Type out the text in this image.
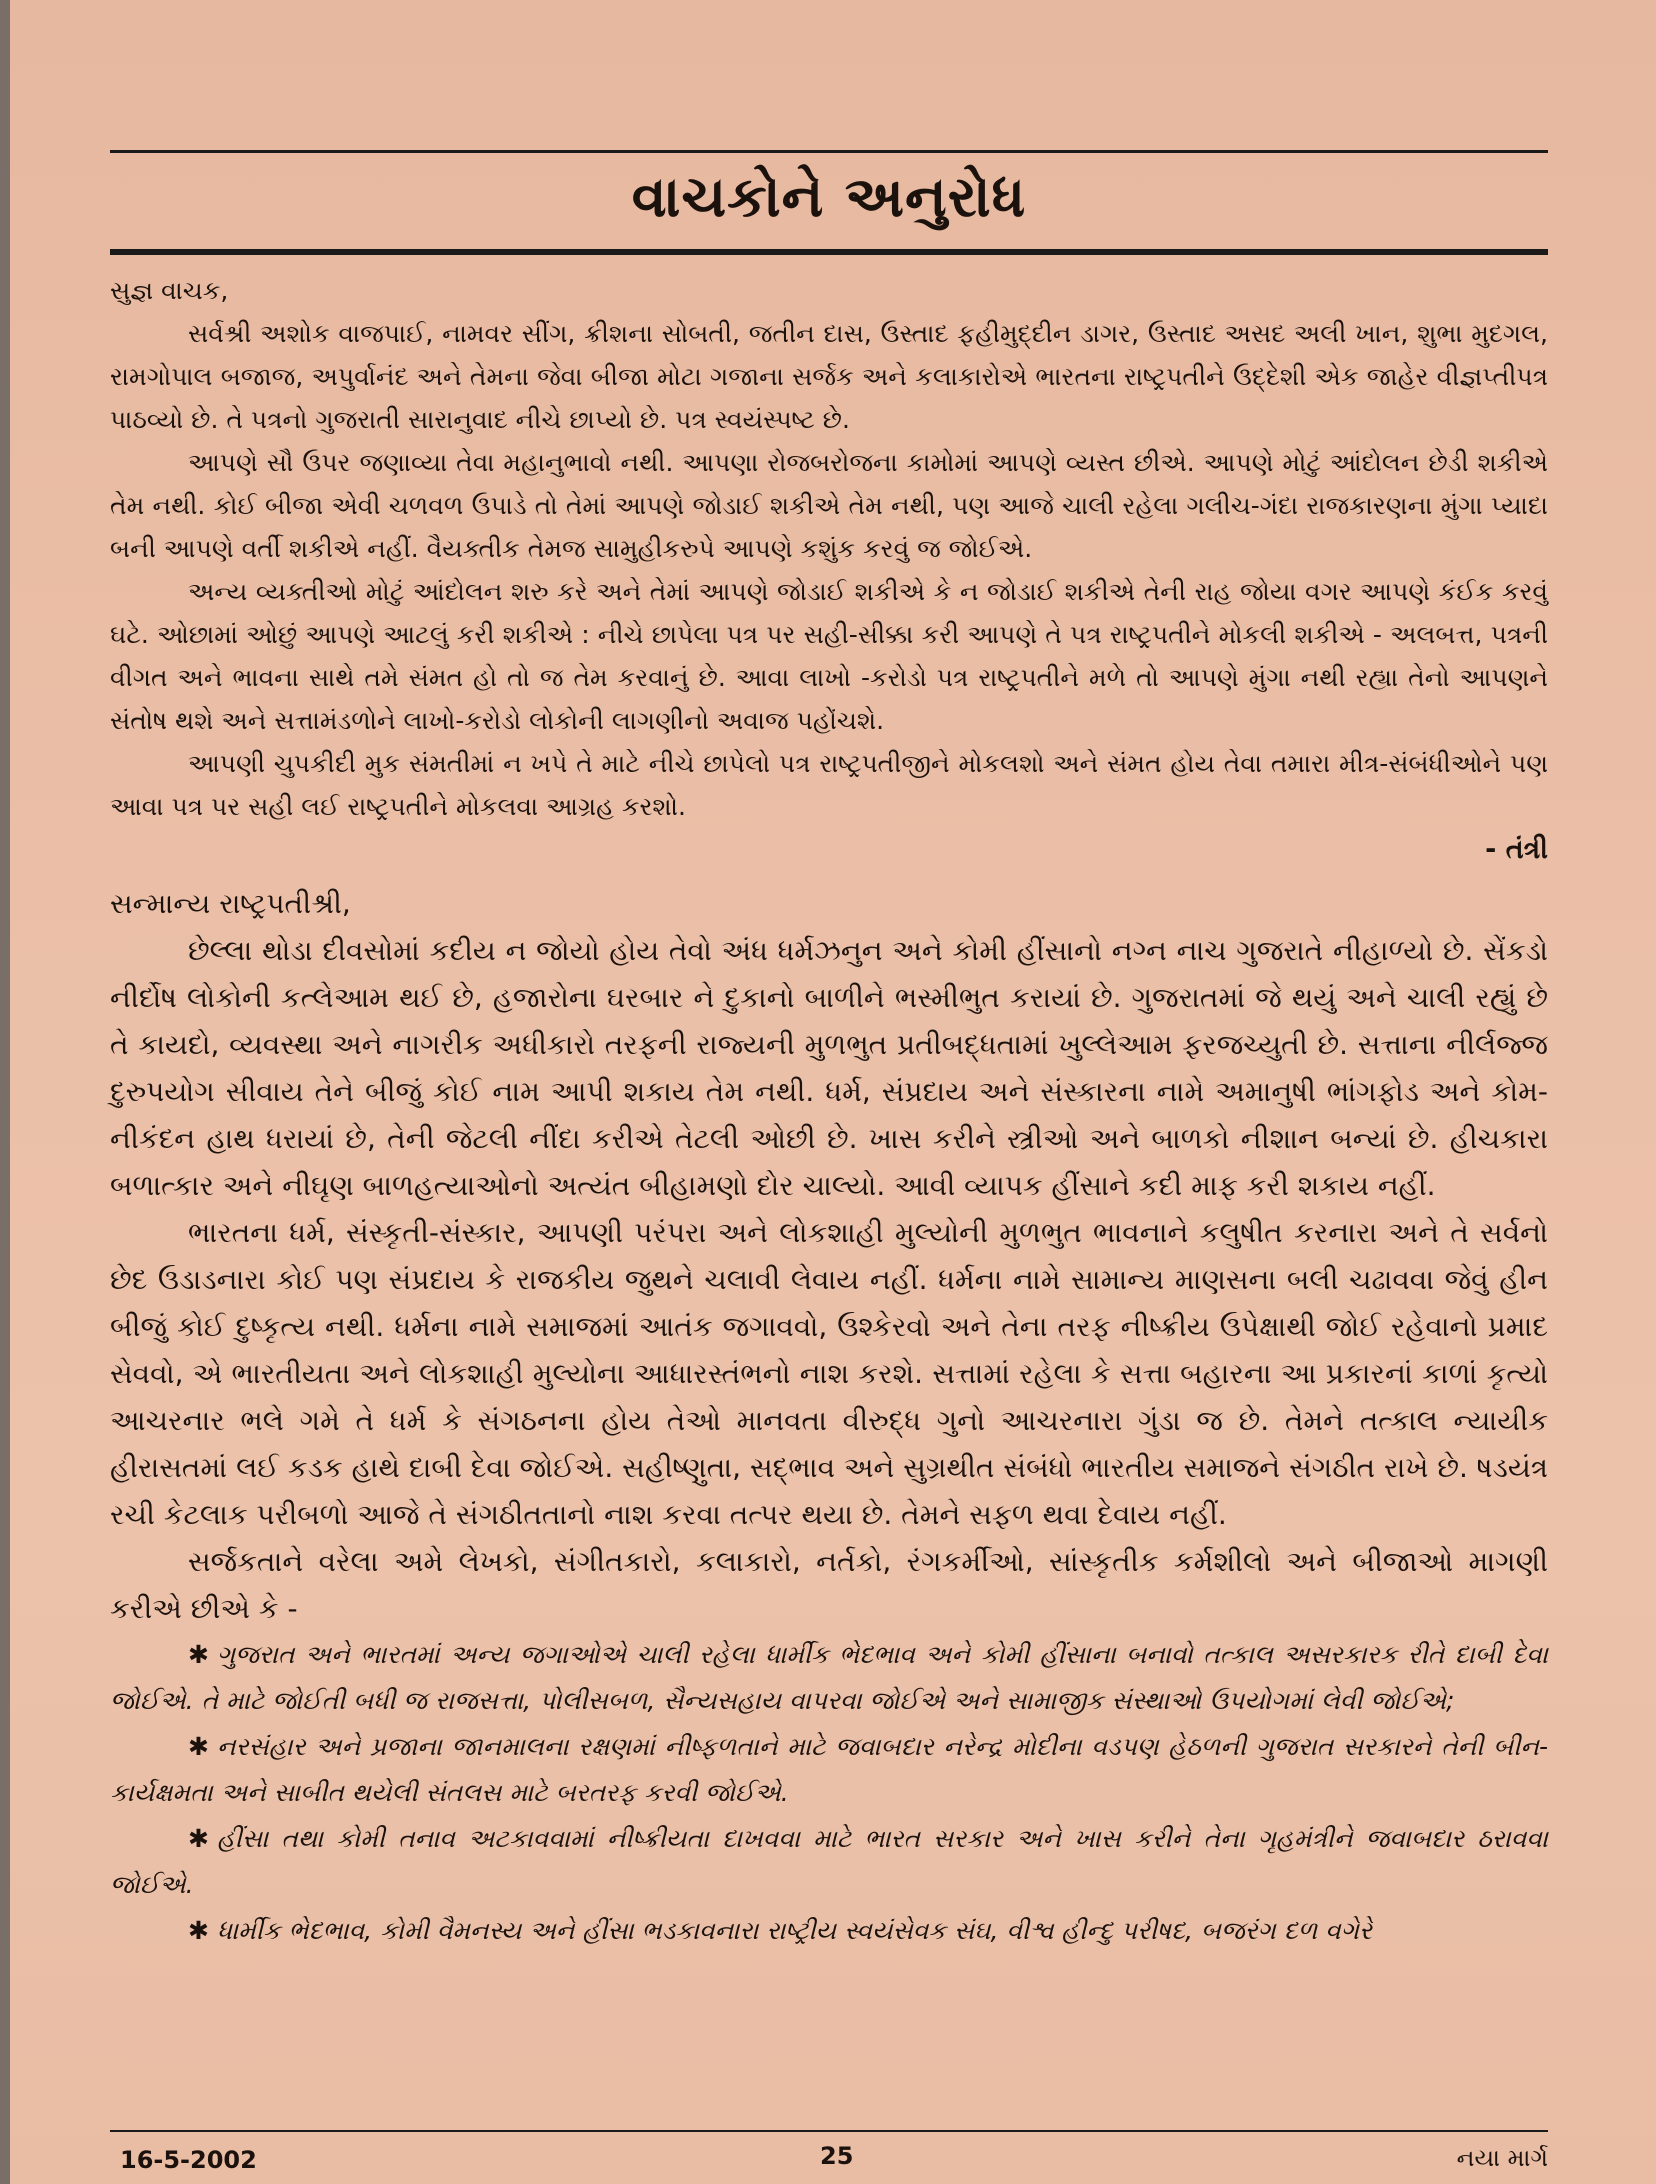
વાચકોને અનુરોધ

સુજ્ઞ વાચક,

સર્વશ્રી અશોક વાજપાઈ, નામવર સીંગ, ક્રીશના સોબતી, જતીન દાસ, ઉસ્તાદ ફહીમુદ્દીન ડાગર, ઉસ્તાદ અસદ અલી ખાન, શુભા મુદગલ, રામગોપાલ બજાજ, અપુર્વાનંદ અને તેમના જેવા બીજા મોટા ગજાના સર્જક અને કલાકારોએ ભારતના રાષ્ટ્રપતીને ઉદ્દેશી એક જાહેર વીજ્ઞપ્તીપત્ર પાઠવ્યો છે. તે પત્રનો ગુજરાતી સારાનુવાદ નીચે છાપ્યો છે. પત્ર સ્વયંસ્પષ્ટ છે.

આપણે સૌ ઉપર જણાવ્યા તેવા મહાનુભાવો નથી. આપણા રોજબરોજના કામોમાં આપણે વ્યસ્ત છીએ. આપણે મોટું આંદોલન છેડી શકીએ તેમ નથી. કોઈ બીજા એવી ચળવળ ઉપાડે તો તેમાં આપણે જોડાઈ શકીએ તેમ નથી, પણ આજે ચાલી રહેલા ગલીચ-ગંદા રાજકારણના મુંગા પ્યાદા બની આપણે વર્તી શકીએ નહીં. વૈયક્તીક તેમજ સામુહીકરુપે આપણે કશુંક કરવું જ જોઈએ.

અન્ય વ્યક્તીઓ મોટું આંદોલન શરુ કરે અને તેમાં આપણે જોડાઈ શકીએ કે ન જોડાઈ શકીએ તેની રાહ જોયા વગર આપણે કંઈક કરવું ઘટે. ઓછામાં ઓછું આપણે આટલું કરી શકીએ : નીચે છાપેલા પત્ર પર સહી-સીક્કા કરી આપણે તે પત્ર રાષ્ટ્રપતીને મોકલી શકીએ - અલબત્ત, પત્રની વીગત અને ભાવના સાથે તમે સંમત હો તો જ તેમ કરવાનું છે. આવા લાખો -કરોડો પત્ર રાષ્ટ્રપતીને મળે તો આપણે મુંગા નથી રહ્યા તેનો આપણને સંતોષ થશે અને સત્તામંડળોને લાખો-કરોડો લોકોની લાગણીનો અવાજ પહોંચશે.

આપણી ચુપકીદી મુક સંમતીમાં ન ખપે તે માટે નીચે છાપેલો પત્ર રાષ્ટ્રપતીજીને મોકલશો અને સંમત હોય તેવા તમારા મીત્ર-સંબંધીઓને પણ આવા પત્ર પર સહી લઈ રાષ્ટ્રપતીને મોકલવા આગ્રહ કરશો.

- તંત્રી

સન્માન્ય રાષ્ટ્રપતીશ્રી,

છેલ્લા થોડા દીવસોમાં કદીય ન જોયો હોય તેવો અંધ ધર્મઝનુન અને કોમી હીંસાનો નગ્ન નાચ ગુજરાતે નીહાળ્યો છે. સેંકડો નીર્દોષ લોકોની કત્લેઆમ થઈ છે, હજારોના ઘરબાર ને દુકાનો બાળીને ભસ્મીભુત કરાયાં છે. ગુજરાતમાં જે થયું અને ચાલી રહ્યું છે તે કાયદો, વ્યવસ્થા અને નાગરીક અધીકારો તરફની રાજ્યની મુળભુત પ્રતીબદ્ધતામાં ખુલ્લેઆમ ફરજચ્યુતી છે. સત્તાના નીર્લજ્જ દુરુપયોગ સીવાય તેને બીજું કોઈ નામ આપી શકાય તેમ નથી. ધર્મ, સંપ્રદાય અને સંસ્કારના નામે અમાનુષી ભાંગફોડ અને કોમ-નીકંદન હાથ ધરાયાં છે, તેની જેટલી નીંદા કરીએ તેટલી ઓછી છે. ખાસ કરીને સ્ત્રીઓ અને બાળકો નીશાન બન્યાં છે. હીચકારા બળાત્કાર અને નીઘૃણ બાળહત્યાઓનો અત્યંત બીહામણો દોર ચાલ્યો. આવી વ્યાપક હીંસાને કદી માફ કરી શકાય નહીં.

ભારતના ધર્મ, સંસ્કૃતી-સંસ્કાર, આપણી પરંપરા અને લોકશાહી મુલ્યોની મુળભુત ભાવનાને કલુષીત કરનારા અને તે સર્વનો છેદ ઉડાડનારા કોઈ પણ સંપ્રદાય કે રાજકીય જુથને ચલાવી લેવાય નહીં. ધર્મના નામે સામાન્ય માણસના બલી ચઢાવવા જેવું હીન બીજું કોઈ દુષ્કૃત્ય નથી. ધર્મના નામે સમાજમાં આતંક જગાવવો, ઉશ્કેરવો અને તેના તરફ નીષ્ક્રીય ઉપેક્ષાથી જોઈ રહેવાનો પ્રમાદ સેવવો, એ ભારતીયતા અને લોકશાહી મુલ્યોના આધારસ્તંભનો નાશ કરશે. સત્તામાં રહેલા કે સત્તા બહારના આ પ્રકારનાં કાળાં કૃત્યો આચરનાર ભલે ગમે તે ધર્મ કે સંગઠનના હોય તેઓ માનવતા વીરુદ્ધ ગુનો આચરનારા ગુંડા જ છે. તેમને તત્કાલ ન્યાયીક હીરાસતમાં લઈ કડક હાથે દાબી દેવા જોઈએ. સહીષ્ણુતા, સદ્ભાવ અને સુગ્રથીત સંબંધો ભારતીય સમાજને સંગઠીત રાખે છે. ષડયંત્ર રચી કેટલાક પરીબળો આજે તે સંગઠીતતાનો નાશ કરવા તત્પર થયા છે. તેમને સફળ થવા દેવાય નહીં.

સર્જકતાને વરેલા અમે લેખકો, સંગીતકારો, કલાકારો, નર્તકો, રંગકર્મીઓ, સાંસ્કૃતીક કર્મશીલો અને બીજાઓ માગણી કરીએ છીએ કે -

✱ ગુજરાત અને ભારતમાં અન્ય જગાઓએ ચાલી રહેલા ધાર્મીક ભેદભાવ અને કોમી હીંસાના બનાવો તત્કાલ અસરકારક રીતે દાબી દેવા જોઈએ. તે માટે જોઈતી બધી જ રાજસત્તા, પોલીસબળ, સૈન્યસહાય વાપરવા જોઈએ અને સામાજીક સંસ્થાઓ ઉપયોગમાં લેવી જોઈએ;

✱ નરસંહાર અને પ્રજાના જાનમાલના રક્ષણમાં નીષ્ફળતાને માટે જવાબદાર નરેન્દ્ર મોદીના વડપણ હેઠળની ગુજરાત સરકારને તેની બીન-કાર્યક્ષમતા અને સાબીત થયેલી સંતલસ માટે બરતરફ કરવી જોઈએ.

✱ હીંસા તથા કોમી તનાવ અટકાવવામાં નીષ્ક્રીયતા દાખવવા માટે ભારત સરકાર અને ખાસ કરીને તેના ગૃહમંત્રીને જવાબદાર ઠરાવવા જોઈએ.

✱ ધાર્મીક ભેદભાવ, કોમી વૈમનસ્ય અને હીંસા ભડકાવનારા રાષ્ટ્રીય સ્વયંસેવક સંઘ, વીશ્વ હીન્દુ પરીષદ, બજરંગ દળ વગેરે

16-5-2002	25	નયા માર્ગ
